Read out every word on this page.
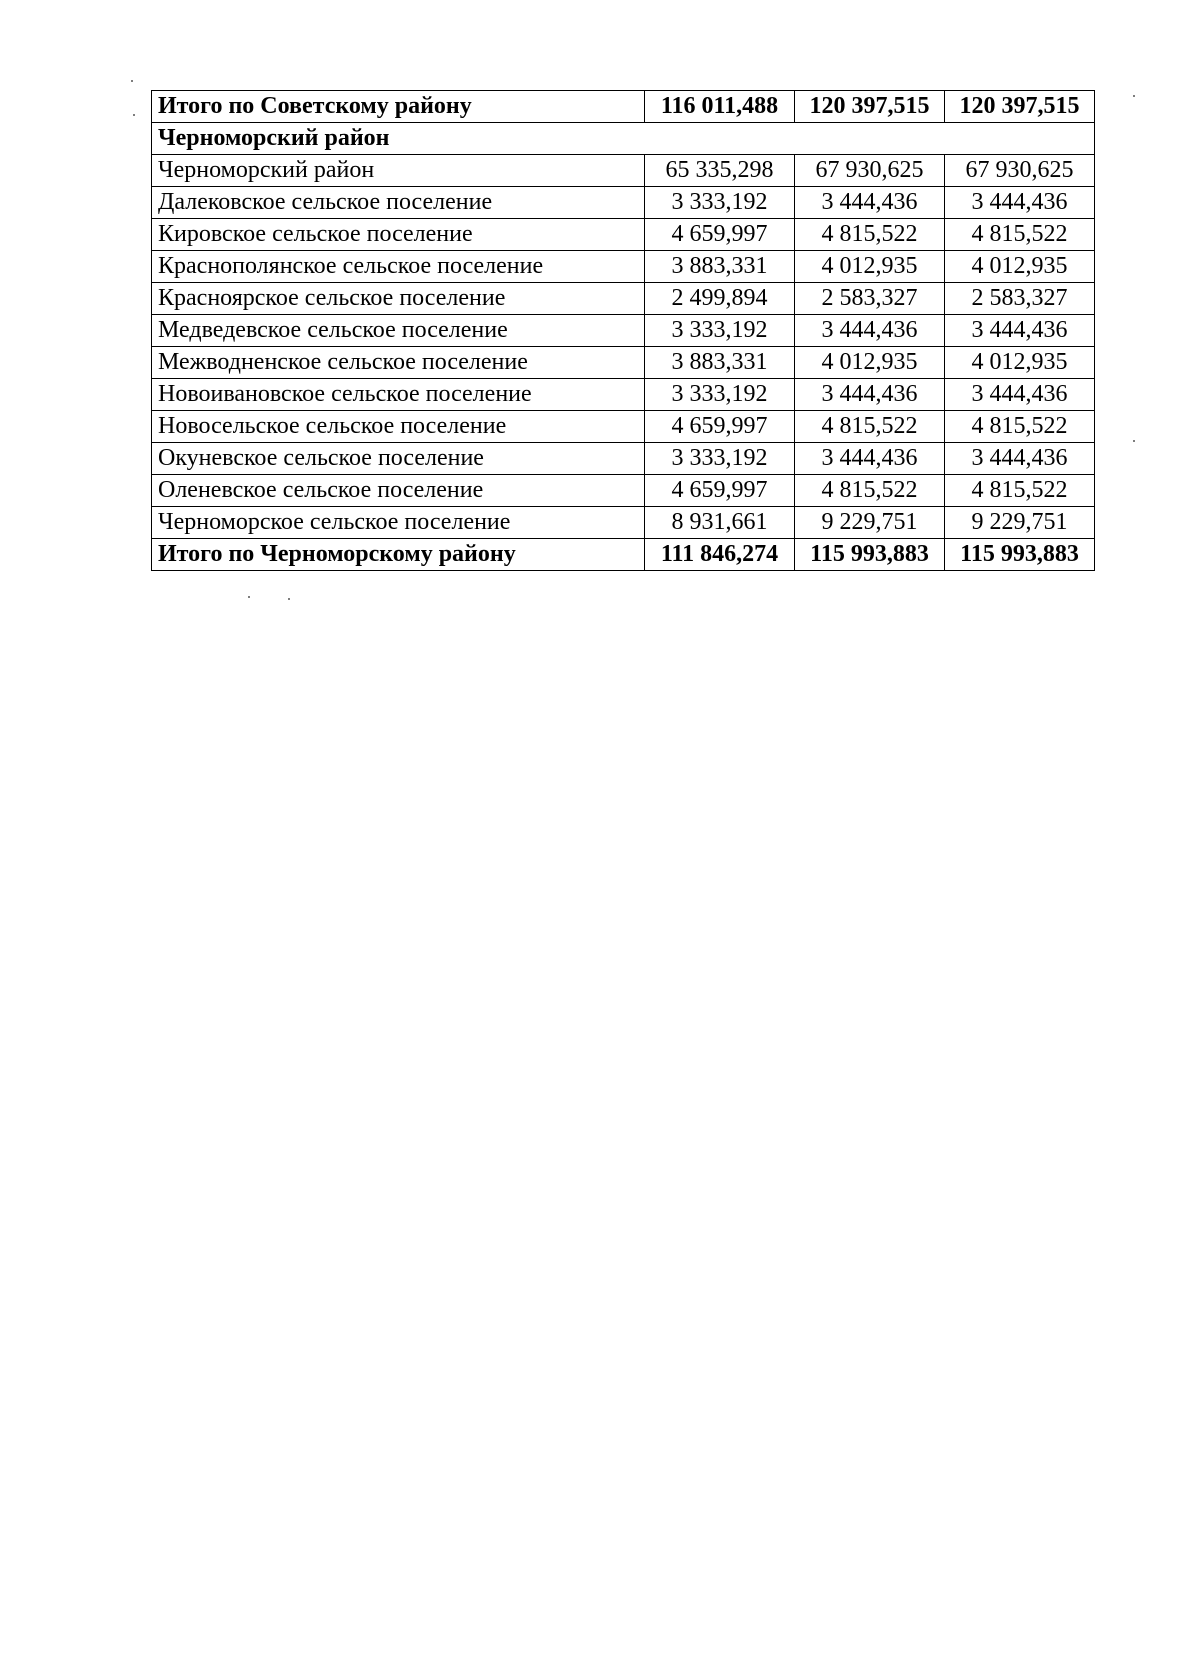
Итого по Советскому району	116 011,488	120 397,515	120 397,515
Черноморский район			
Черноморский район	65 335,298	67 930,625	67 930,625
Далековское сельское поселение	3 333,192	3 444,436	3 444,436
Кировское сельское поселение	4 659,997	4 815,522	4 815,522
Краснополянское сельское поселение	3 883,331	4 012,935	4 012,935
Красноярское сельское поселение	2 499,894	2 583,327	2 583,327
Медведевское сельское поселение	3 333,192	3 444,436	3 444,436
Межводненское сельское поселение	3 883,331	4 012,935	4 012,935
Новоивановское сельское поселение	3 333,192	3 444,436	3 444,436
Новосельское сельское поселение	4 659,997	4 815,522	4 815,522
Окуневское сельское поселение	3 333,192	3 444,436	3 444,436
Оленевское сельское поселение	4 659,997	4 815,522	4 815,522
Черноморское сельское поселение	8 931,661	9 229,751	9 229,751
Итого по Черноморскому району	111 846,274	115 993,883	115 993,883
